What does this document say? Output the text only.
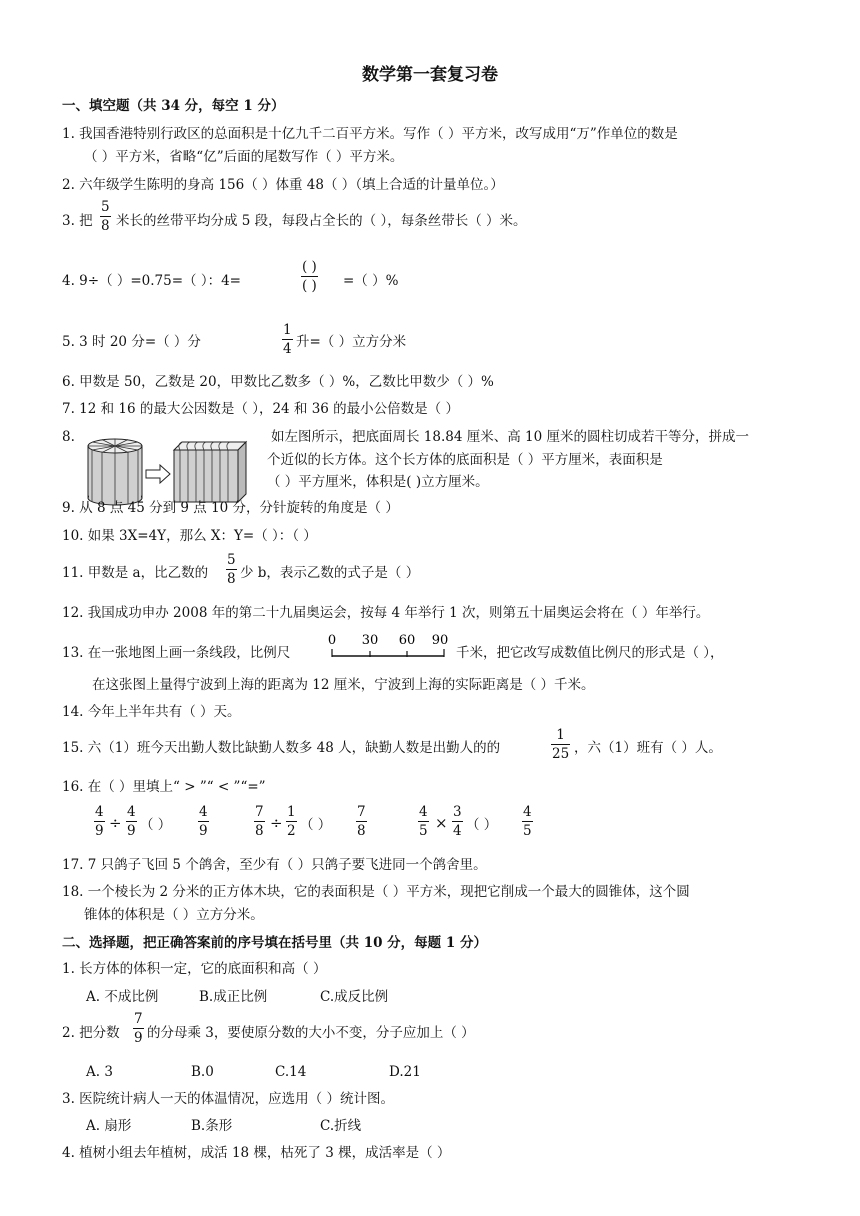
数学第一套复习卷
一、填空题（共 34 分，每空 1 分）
1. 我国香港特别行政区的总面积是十亿九千二百平方米。写作（ ）平方米，改写成用“万”作单位的数是
（ ）平方米，省略“亿”后面的尾数写作（ ）平方米。
2. 六年级学生陈明的身高 156（ ）体重 48（ ）（填上合适的计量单位。）
3. 把
5
8 米长的丝带平均分成 5 段，每段占全长的（ ），每条丝带长（ ）米。
4. 9÷（ ）=0.75=（ ）：4=
( )
( ) =（ ）%
5. 3 时 20 分=（ ）分
1
4 升=（ ）立方分米
6. 甲数是 50，乙数是 20，甲数比乙数多（ ）%，乙数比甲数少（ ）%
7. 12 和 16 的最大公因数是（ ），24 和 36 的最小公倍数是（ ）
8.	如左图所示，把底面周长 18.84 厘米、高 10 厘米的圆柱切成若干等分，拼成一
个近似的长方体。这个长方体的底面积是（ ）平方厘米，表面积是
（ ）平方厘米，体积是( )立方厘米。
9. 从 8 点 45 分到 9 点 10 分，分针旋转的角度是（ ）
10. 如果 3X=4Y，那么 X：Y=（ ）：（ ）
11. 甲数是 a，比乙数的
5
8 少 b，表示乙数的式子是（ ）
12. 我国成功申办 2008 年的第二十九届奥运会，按每 4 年举行 1 次，则第五十届奥运会将在（ ）年举行。
13. 在一张地图上画一条线段，比例尺
0 30 60 90
千米，把它改写成数值比例尺的形式是（ ），
在这张图上量得宁波到上海的距离为 12 厘米，宁波到上海的实际距离是（ ）千米。
14. 今年上半年共有（ ）天。
15. 六（1）班今天出勤人数比缺勤人数多 48 人，缺勤人数是出勤人的的
1
25 ，六（1）班有（ ）人。
16. 在（ ）里填上“ > ”“ < ”“=”
4
9 ÷
4
9 （ ）
4
9
7
8 ÷
1
2 （ ）
7
8
4
5 ×
3
4 （ ）
4
5
17. 7 只鸽子飞回 5 个鸽舍，至少有（ ）只鸽子要飞进同一个鸽舍里。
18. 一个棱长为 2 分米的正方体木块，它的表面积是（ ）平方米，现把它削成一个最大的圆锥体，这个圆
锥体的体积是（ ）立方分米。
二、选择题，把正确答案前的序号填在括号里（共 10 分，每题 1 分）
1. 长方体的体积一定，它的底面积和高（ ）
A. 不成比例	B.成正比例	C.成反比例
2. 把分数
7
9 的分母乘 3，要使原分数的大小不变，分子应加上（ ）
A. 3	B.0	C.14	D.21
3. 医院统计病人一天的体温情况，应选用（ ）统计图。
A. 扇形	B.条形	C.折线
4. 植树小组去年植树，成活 18 棵，枯死了 3 棵，成活率是（ ）
